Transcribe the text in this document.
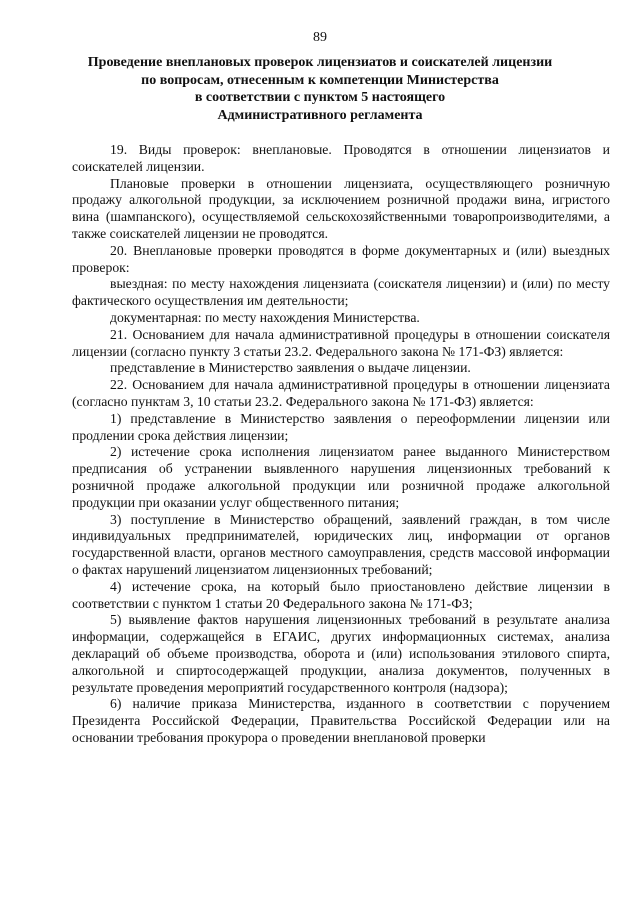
89
Проведение внеплановых проверок лицензиатов и соискателей лицензии
по вопросам, отнесенным к компетенции Министерства
в соответствии с пунктом 5 настоящего
Административного регламента

19. Виды проверок: внеплановые. Проводятся в отношении лицензиатов и соискателей лицензии.

Плановые проверки в отношении лицензиата, осуществляющего розничную продажу алкогольной продукции, за исключением розничной продажи вина, игристого вина (шампанского), осуществляемой сельскохозяйственными товаропроизводителями, а также соискателей лицензии не проводятся.

20. Внеплановые проверки проводятся в форме документарных и (или) выездных проверок:

выездная: по месту нахождения лицензиата (соискателя лицензии) и (или) по месту фактического осуществления им деятельности;

документарная: по месту нахождения Министерства.

21. Основанием для начала административной процедуры в отношении соискателя лицензии (согласно пункту 3 статьи 23.2. Федерального закона № 171-ФЗ) является:

представление в Министерство заявления о выдаче лицензии.

22. Основанием для начала административной процедуры в отношении лицензиата (согласно пунктам 3, 10 статьи 23.2. Федерального закона № 171-ФЗ) является:

1) представление в Министерство заявления о переоформлении лицензии или продлении срока действия лицензии;

2) истечение срока исполнения лицензиатом ранее выданного Министерством предписания об устранении выявленного нарушения лицензионных требований к розничной продаже алкогольной продукции или розничной продаже алкогольной продукции при оказании услуг общественного питания;

3) поступление в Министерство обращений, заявлений граждан, в том числе индивидуальных предпринимателей, юридических лиц, информации от органов государственной власти, органов местного самоуправления, средств массовой информации о фактах нарушений лицензиатом лицензионных требований;

4) истечение срока, на который было приостановлено действие лицензии в соответствии с пунктом 1 статьи 20 Федерального закона № 171-ФЗ;

5) выявление фактов нарушения лицензионных требований в результате анализа информации, содержащейся в ЕГАИС, других информационных системах, анализа деклараций об объеме производства, оборота и (или) использования этилового спирта, алкогольной и спиртосодержащей продукции, анализа документов, полученных в результате проведения мероприятий государственного контроля (надзора);

6) наличие приказа Министерства, изданного в соответствии с поручением Президента Российской Федерации, Правительства Российской Федерации или на основании требования прокурора о проведении внеплановой проверки
